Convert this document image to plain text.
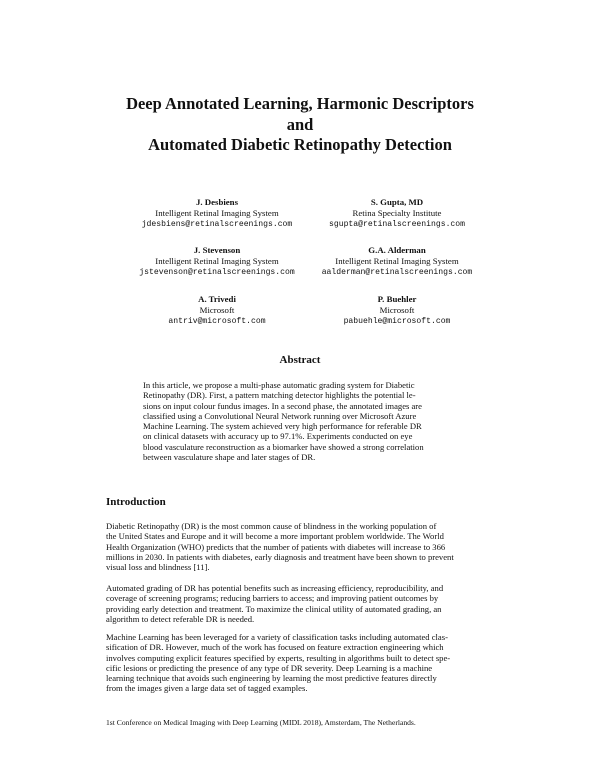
Deep Annotated Learning, Harmonic Descriptors
and
Automated Diabetic Retinopathy Detection
J. Desbiens
Intelligent Retinal Imaging System
jdesbiens@retinalscreenings.com
S. Gupta, MD
Retina Specialty Institute
sgupta@retinalscreenings.com
J. Stevenson
Intelligent Retinal Imaging System
jstevenson@retinalscreenings.com
G.A. Alderman
Intelligent Retinal Imaging System
aalderman@retinalscreenings.com
A. Trivedi
Microsoft
antriv@microsoft.com
P. Buehler
Microsoft
pabuehle@microsoft.com
Abstract
In this article, we propose a multi-phase automatic grading system for Diabetic
Retinopathy (DR). First, a pattern matching detector highlights the potential le-
sions on input colour fundus images. In a second phase, the annotated images are
classified using a Convolutional Neural Network running over Microsoft Azure
Machine Learning. The system achieved very high performance for referable DR
on clinical datasets with accuracy up to 97.1%. Experiments conducted on eye
blood vasculature reconstruction as a biomarker have showed a strong correlation
between vasculature shape and later stages of DR.
Introduction
Diabetic Retinopathy (DR) is the most common cause of blindness in the working population of
the United States and Europe and it will become a more important problem worldwide. The World
Health Organization (WHO) predicts that the number of patients with diabetes will increase to 366
millions in 2030. In patients with diabetes, early diagnosis and treatment have been shown to prevent
visual loss and blindness [11].
Automated grading of DR has potential benefits such as increasing efficiency, reproducibility, and
coverage of screening programs; reducing barriers to access; and improving patient outcomes by
providing early detection and treatment. To maximize the clinical utility of automated grading, an
algorithm to detect referable DR is needed.
Machine Learning has been leveraged for a variety of classification tasks including automated clas-
sification of DR. However, much of the work has focused on feature extraction engineering which
involves computing explicit features specified by experts, resulting in algorithms built to detect spe-
cific lesions or predicting the presence of any type of DR severity. Deep Learning is a machine
learning technique that avoids such engineering by learning the most predictive features directly
from the images given a large data set of tagged examples.
1st Conference on Medical Imaging with Deep Learning (MIDL 2018), Amsterdam, The Netherlands.
